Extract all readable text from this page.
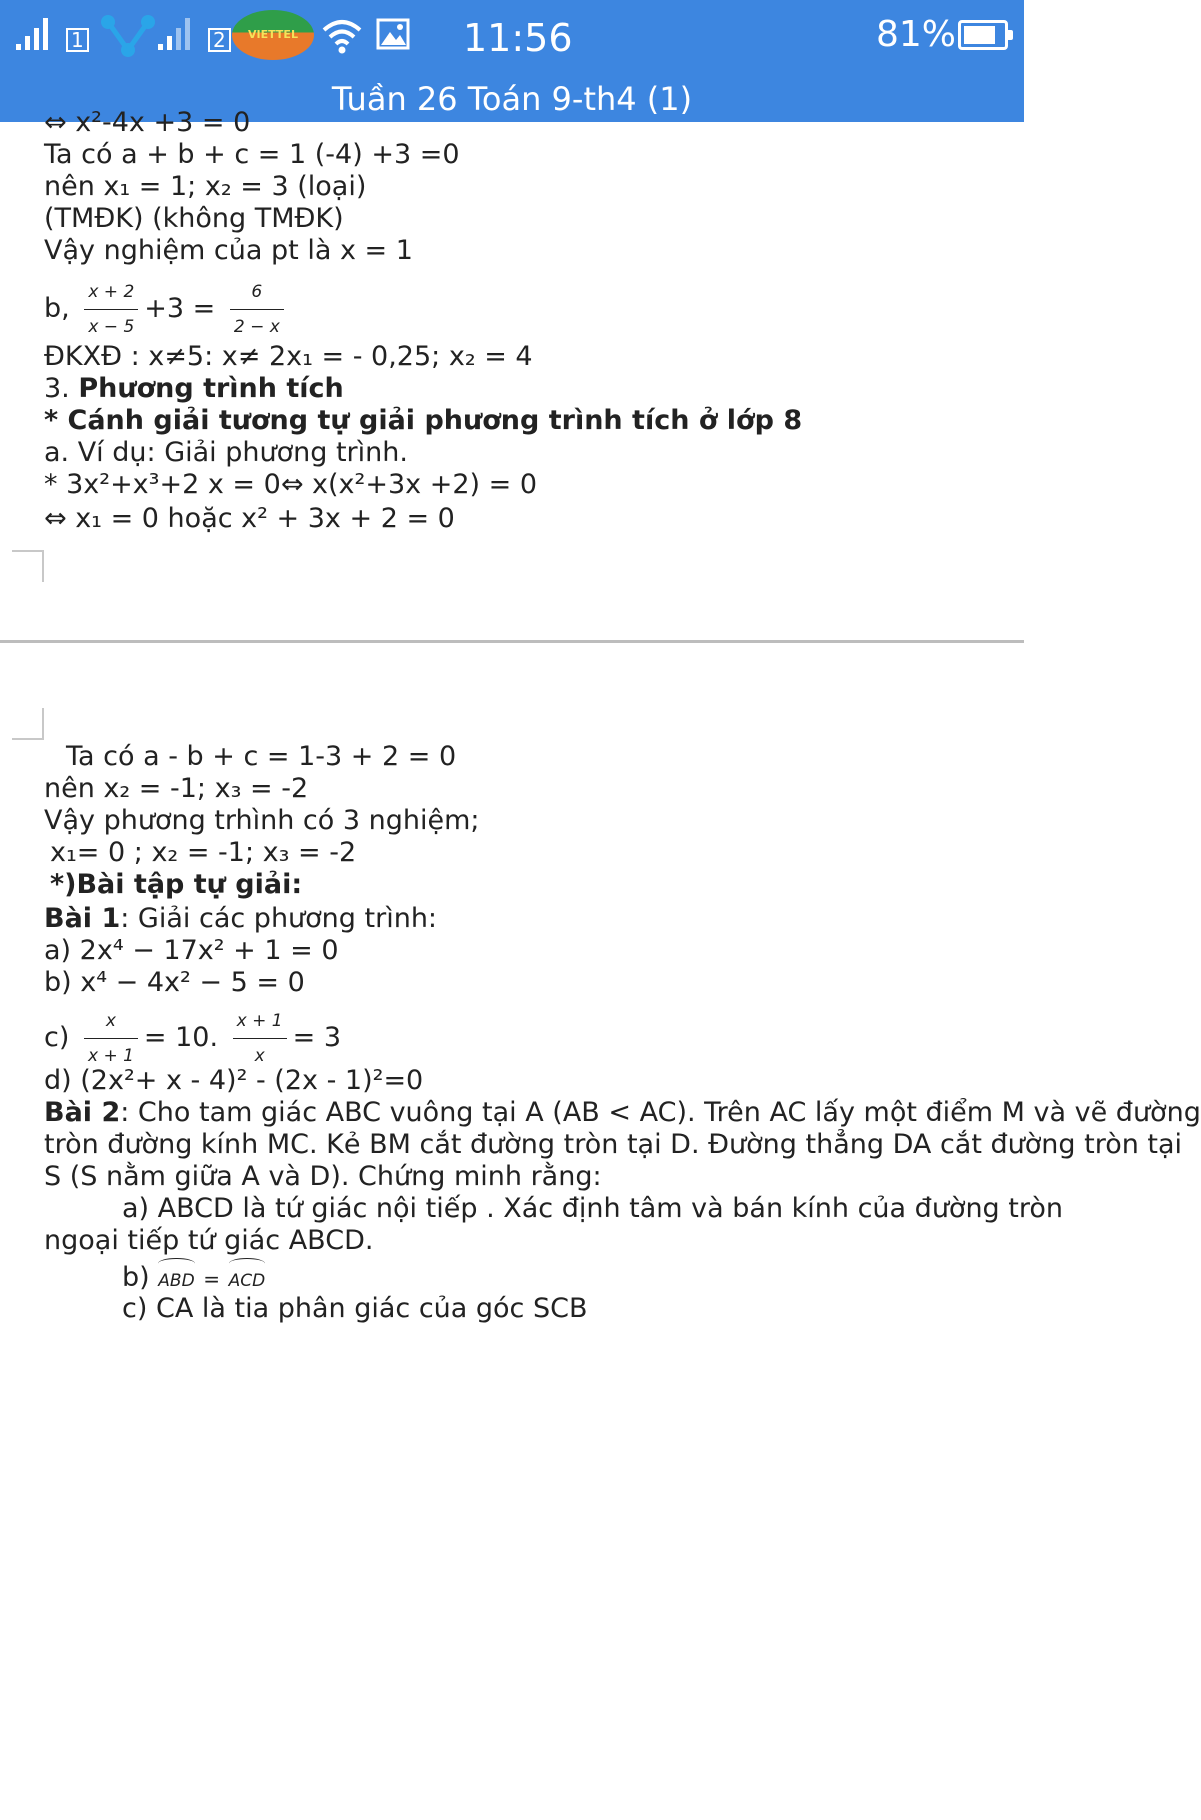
1	2	VIETTEL	11:56	81%
Tuần 26 Toán 9-th4 (1)
⇔ x²-4x +3 = 0
Ta có a + b + c = 1 (-4) +3 =0
nên x₁ = 1; x₂ = 3 (loại)
(TMĐK) (không TMĐK)
Vậy nghiệm của pt là x = 1
b, $\frac{x + 2}{x - 5} +3 = \frac{6}{2 - x}$
ĐKXĐ : x≠5: x≠ 2x₁ = - 0,25; x₂ = 4
3. Phương trình tích
* Cánh giải tương tự giải phương trình tích ở lớp 8
a. Ví dụ: Giải phương trình.
* 3x²+x³+2 x = 0⇔ x(x²+3x +2) = 0
⇔ x₁ = 0 hoặc x² + 3x + 2 = 0
Ta có a - b + c = 1-3 + 2 = 0
nên x₂ = -1; x₃ = -2
Vậy phương trhình có 3 nghiệm;
x₁= 0 ; x₂ = -1; x₃ = -2
*)Bài tập tự giải:
Bài 1: Giải các phương trình:
a) 2x⁴ − 17x² + 1 = 0
b) x⁴ − 4x² − 5 = 0
$c) \frac{x}{x + 1} = 10$. $\frac{x + 1}{x} = 3$
d) (2x²+ x - 4)² - (2x - 1)²=0
Bài 2: Cho tam giác ABC vuông tại A (AB < AC). Trên AC lấy một điểm M và vẽ đường
tròn đường kính MC. Kẻ BM cắt đường tròn tại D. Đường thẳng DA cắt đường tròn tại
S (S nằm giữa A và D). Chứng minh rằng:
a) ABCD là tứ giác nội tiếp . Xác định tâm và bán kính của đường tròn
ngoại tiếp tứ giác ABCD.
b) ABD = ACD
c) CA là tia phân giác của góc SCB
